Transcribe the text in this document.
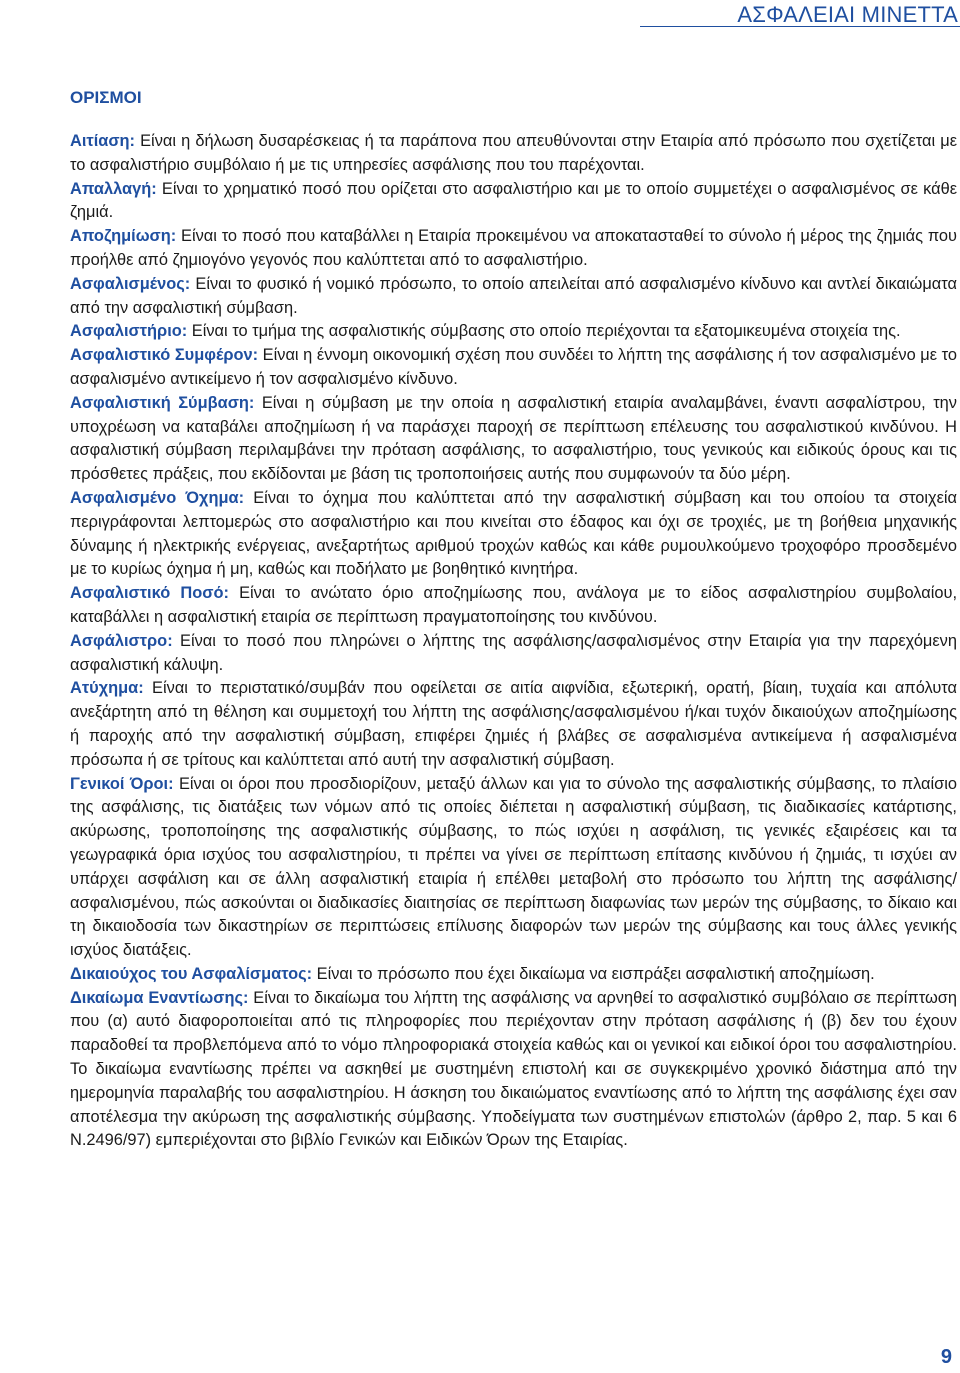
ΑΣΦΑΛΕΙΑΙ ΜΙΝΕΤΤΑ
ΟΡΙΣΜΟΙ

Αιτίαση: Είναι η δήλωση δυσαρέσκειας ή τα παράπονα που απευθύνονται στην Εταιρία από πρόσωπο που σχετίζεται με το ασφαλιστήριο συμβόλαιο ή με τις υπηρεσίες ασφάλισης που του παρέχονται.

Απαλλαγή: Είναι το χρηματικό ποσό που ορίζεται στο ασφαλιστήριο και με το οποίο συμμετέχει ο ασφαλισμένος σε κάθε ζημιά.

Αποζημίωση: Είναι το ποσό που καταβάλλει η Εταιρία προκειμένου να αποκατασταθεί το σύνολο ή μέρος της ζημιάς που προήλθε από ζημιογόνο γεγονός που καλύπτεται από το ασφαλιστήριο.

Ασφαλισμένος: Είναι το φυσικό ή νομικό πρόσωπο, το οποίο απειλείται από ασφαλισμένο κίνδυνο και αντλεί δικαιώματα από την ασφαλιστική σύμβαση.

Ασφαλιστήριο: Είναι το τμήμα της ασφαλιστικής σύμβασης στο οποίο περιέχονται τα εξατομικευμένα στοιχεία της.

Ασφαλιστικό Συμφέρον: Είναι η έννομη οικονομική σχέση που συνδέει το λήπτη της ασφάλισης ή τον ασφαλισμένο με το ασφαλισμένο αντικείμενο ή τον ασφαλισμένο κίνδυνο.

Ασφαλιστική Σύμβαση: Είναι η σύμβαση με την οποία η ασφαλιστική εταιρία αναλαμβάνει, έναντι ασφαλίστρου, την υποχρέωση να καταβάλει αποζημίωση ή να παράσχει παροχή σε περίπτωση επέλευσης του ασφαλιστικού κινδύνου. Η ασφαλιστική σύμβαση περιλαμβάνει την πρόταση ασφάλισης, το ασφαλιστήριο, τους γενικούς και ειδικούς όρους και τις πρόσθετες πράξεις, που εκδίδονται με βάση τις τροποποιήσεις αυτής που συμφωνούν τα δύο μέρη.

Ασφαλισμένο Όχημα: Είναι το όχημα που καλύπτεται από την ασφαλιστική σύμβαση και του οποίου τα στοιχεία περιγράφονται λεπτομερώς στο ασφαλιστήριο και που κινείται στο έδαφος και όχι σε τροχιές, με τη βοήθεια μηχανικής δύναμης ή ηλεκτρικής ενέργειας, ανεξαρτήτως αριθμού τροχών καθώς και κάθε ρυμουλκούμενο τροχοφόρο προσδεμένο με το κυρίως όχημα ή μη, καθώς και ποδήλατο με βοηθητικό κινητήρα.

Ασφαλιστικό Ποσό: Είναι το ανώτατο όριο αποζημίωσης που, ανάλογα με το είδος ασφαλιστηρίου συμβολαίου, καταβάλλει η ασφαλιστική εταιρία σε περίπτωση πραγματοποίησης του κινδύνου.

Ασφάλιστρο: Είναι το ποσό που πληρώνει ο λήπτης της ασφάλισης/ασφαλισμένος στην Εταιρία για την παρεχόμενη ασφαλιστική κάλυψη.

Ατύχημα: Είναι το περιστατικό/συμβάν που οφείλεται σε αιτία αιφνίδια, εξωτερική, ορατή, βίαιη, τυχαία και απόλυτα ανεξάρτητη από τη θέληση και συμμετοχή του λήπτη της ασφάλισης/ασφαλισμένου ή/και τυχόν δικαιούχων αποζημίωσης ή παροχής από την ασφαλιστική σύμβαση, επιφέρει ζημιές ή βλάβες σε ασφαλισμένα αντικείμενα ή ασφαλισμένα πρόσωπα ή σε τρίτους και καλύπτεται από αυτή την ασφαλιστική σύμβαση.

Γενικοί Όροι: Είναι οι όροι που προσδιορίζουν, μεταξύ άλλων και για το σύνολο της ασφαλιστικής σύμβασης, το πλαίσιο της ασφάλισης, τις διατάξεις των νόμων από τις οποίες διέπεται η ασφαλιστική σύμβαση, τις διαδικασίες κατάρτισης, ακύρωσης, τροποποίησης της ασφαλιστικής σύμβασης, το πώς ισχύει η ασφάλιση, τις γενικές εξαιρέσεις και τα γεωγραφικά όρια ισχύος του ασφαλιστηρίου, τι πρέπει να γίνει σε περίπτωση επίτασης κινδύνου ή ζημιάς, τι ισχύει αν υπάρχει ασφάλιση και σε άλλη ασφαλιστική εταιρία ή επέλθει μεταβολή στο πρόσωπο του λήπτη της ασφάλισης/ασφαλισμένου, πώς ασκούνται οι διαδικασίες διαιτησίας σε περίπτωση διαφωνίας των μερών της σύμβασης, το δίκαιο και τη δικαιοδοσία των δικαστηρίων σε περιπτώσεις επίλυσης διαφορών των μερών της σύμβασης και τους άλλες γενικής ισχύος διατάξεις.

Δικαιούχος του Ασφαλίσματος: Είναι το πρόσωπο που έχει δικαίωμα να εισπράξει ασφαλιστική αποζημίωση.

Δικαίωμα Εναντίωσης: Είναι το δικαίωμα του λήπτη της ασφάλισης να αρνηθεί το ασφαλιστικό συμβόλαιο σε περίπτωση που (α) αυτό διαφοροποιείται από τις πληροφορίες που περιέχονταν στην πρόταση ασφάλισης ή (β) δεν του έχουν παραδοθεί τα προβλεπόμενα από το νόμο πληροφοριακά στοιχεία καθώς και οι γενικοί και ειδικοί όροι του ασφαλιστηρίου. Το δικαίωμα εναντίωσης πρέπει να ασκηθεί με συστημένη επιστολή και σε συγκεκριμένο χρονικό διάστημα από την ημερομηνία παραλαβής του ασφαλιστηρίου. Η άσκηση του δικαιώματος εναντίωσης από το λήπτη της ασφάλισης έχει σαν αποτέλεσμα την ακύρωση της ασφαλιστικής σύμβασης. Υποδείγματα των συστημένων επιστολών (άρθρο 2, παρ. 5 και 6 Ν.2496/97) εμπεριέχονται στο βιβλίο Γενικών και Ειδικών Όρων της Εταιρίας.

9
